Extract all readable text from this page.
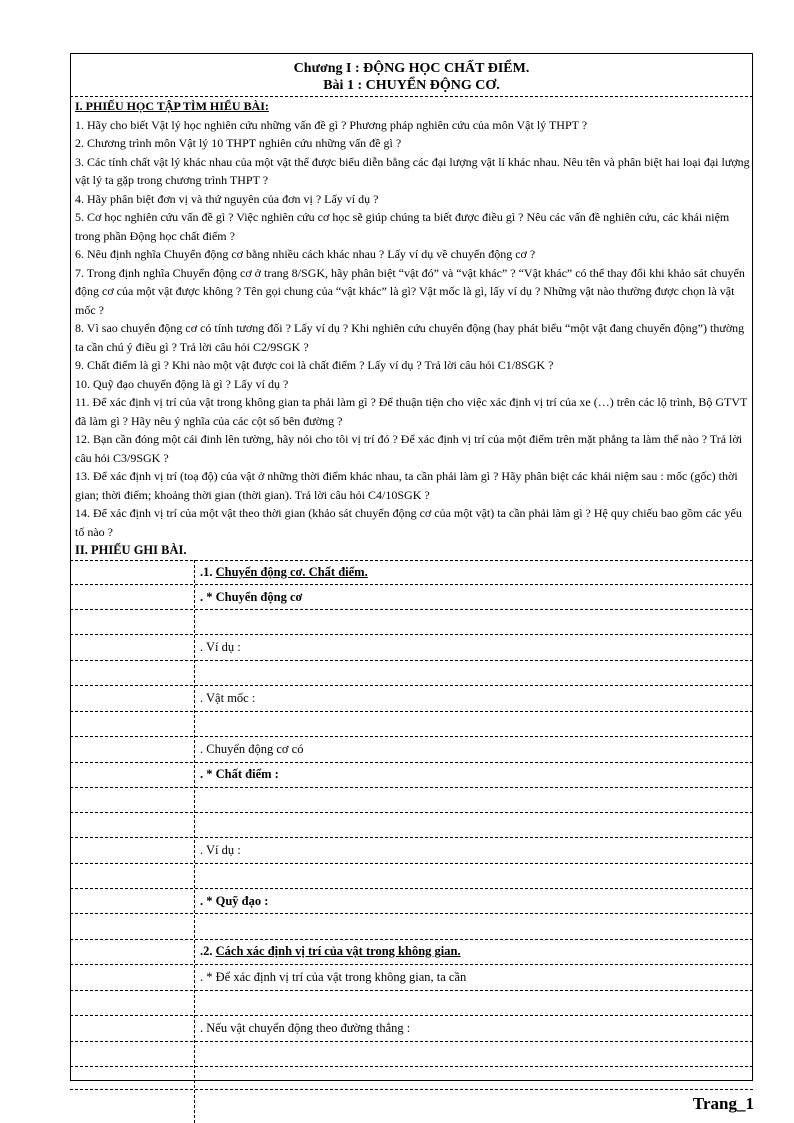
Chương I : ĐỘNG HỌC CHẤT ĐIỂM.
Bài 1 : CHUYỂN ĐỘNG CƠ.
I. PHIẾU HỌC TẬP TÌM HIỂU BÀI:

1. Hãy cho biết Vật lý học nghiên cứu những vấn đề gì ? Phương pháp nghiên cứu của môn Vật lý THPT ?

2. Chương trình môn Vật lý 10 THPT nghiên cứu những vấn đề gì ?

3. Các tính chất vật lý khác nhau của một vật thể được biểu diễn bằng các đại lượng vật lí khác nhau. Nêu tên và phân biệt hai loại đại lượng vật lý ta gặp trong chương trình THPT ?

4. Hãy phân biệt đơn vị và thứ nguyên của đơn vị ? Lấy ví dụ ?

5. Cơ học nghiên cứu vấn đề gì ? Việc nghiên cứu cơ học sẽ giúp chúng ta biết được điều gì ? Nêu các vấn đề nghiên cứu, các khái niệm trong phần Động học chất điểm ?

6. Nêu định nghĩa Chuyển động cơ bằng nhiều cách khác nhau ? Lấy ví dụ về chuyển động cơ ?

7. Trong định nghĩa Chuyển động cơ ở trang 8/SGK, hãy phân biệt “vật đó” và “vật khác” ? “Vật khác” có thể thay đổi khi khảo sát chuyển động cơ của một vật được không ? Tên gọi chung của “vật khác” là gì? Vật mốc là gì, lấy ví dụ ? Những vật nào thường được chọn là vật mốc ?

8. Vì sao chuyển động cơ có tính tương đối ? Lấy ví dụ ? Khi nghiên cứu chuyển động (hay phát biểu “một vật đang chuyển động”) thường ta cần chú ý điều gì ? Trả lời câu hỏi C2/9SGK ?

9. Chất điểm là gì ? Khi nào một vật được coi là chất điểm ? Lấy ví dụ ? Trả lời câu hỏi C1/8SGK ?

10. Quỹ đạo chuyển động là gì ? Lấy ví dụ ?

11. Để xác định vị trí của vật trong không gian ta phải làm gì ? Để thuận tiện cho việc xác định vị trí của xe (…) trên các lộ trình, Bộ GTVT đã làm gì ? Hãy nêu ý nghĩa của các cột số bên đường ?

12. Bạn cần đóng một cái đinh lên tường, hãy nói cho tôi vị trí đó ? Để xác định vị trí của một điểm trên mặt phẳng ta làm thế nào ? Trả lời câu hỏi C3/9SGK ?

13. Để xác định vị trí (toạ độ) của vật ở những thời điểm khác nhau, ta cần phải làm gì ? Hãy phân biệt các khái niệm sau : mốc (gốc) thời gian; thời điểm; khoảng thời gian (thời gian). Trả lời câu hỏi C4/10SGK ?

14. Để xác định vị trí của một vật theo thời gian (khảo sát chuyển động cơ của một vật) ta cần phải làm gì ? Hệ quy chiếu bao gồm các yếu tố nào ?

II. PHIẾU GHI BÀI.
.1. Chuyển động cơ. Chất điểm.
. * Chuyển động cơ
. Ví dụ :
. Vật mốc :
. Chuyển động cơ có
. * Chất điểm :
. Ví dụ :
. * Quỹ đạo :
.2. Cách xác định vị trí của vật trong không gian.
. * Để xác định vị trí của vật trong không gian, ta cần
. Nếu vật chuyển động theo đường thẳng :
Trang_1
